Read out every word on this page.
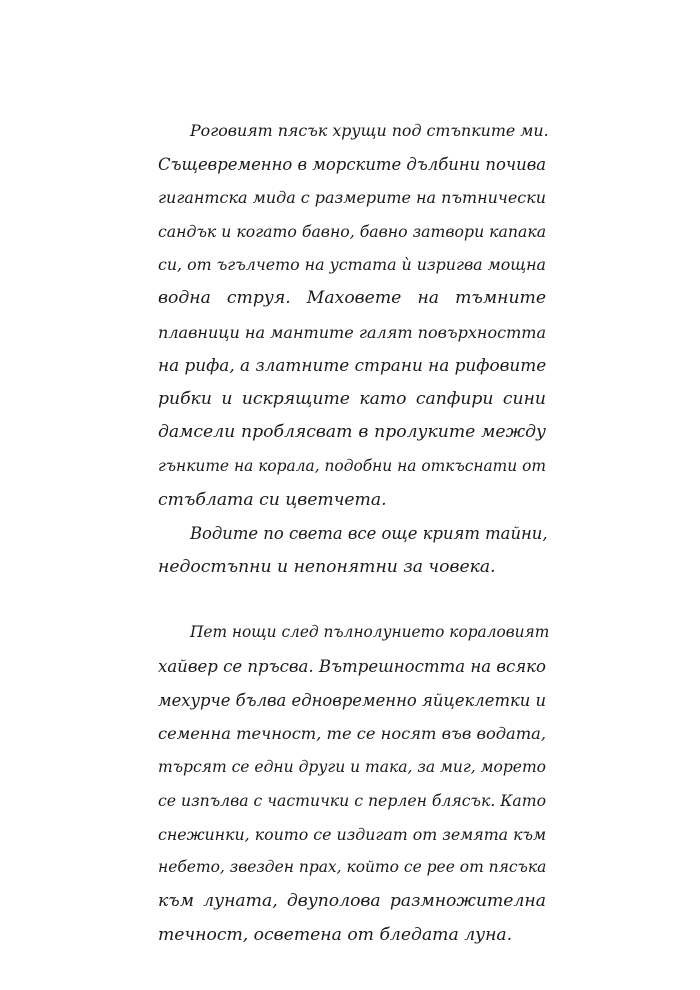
Роговият пясък хрущи под стъпките ми.
Същевременно в морските дълбини почива
гигантска мида с размерите на пътнически
сандък и когато бавно, бавно затвори капака
си, от ъгълчето на устата ѝ изригва мощна
водна струя. Маховете на тъмните
плавници на мантите галят повърхността
на рифа, а златните страни на рифовите
рибки и искрящите като сапфири сини
дамсели проблясват в пролуките между
гънките на корала, подобни на откъснати от
стъблата си цветчета.
Водите по света все още крият тайни,
недостъпни и непонятни за човека.
Пет нощи след пълнолунието кораловият
хайвер се пръсва. Вътрешността на всяко
мехурче бълва едновременно яйцеклетки и
семенна течност, те се носят във водата,
търсят се едни други и така, за миг, морето
се изпълва с частички с перлен блясък. Като
снежинки, които се издигат от земята към
небето, звезден прах, който се рее от пясъка
към луната, двуполова размножителна
течност, осветена от бледата луна.
